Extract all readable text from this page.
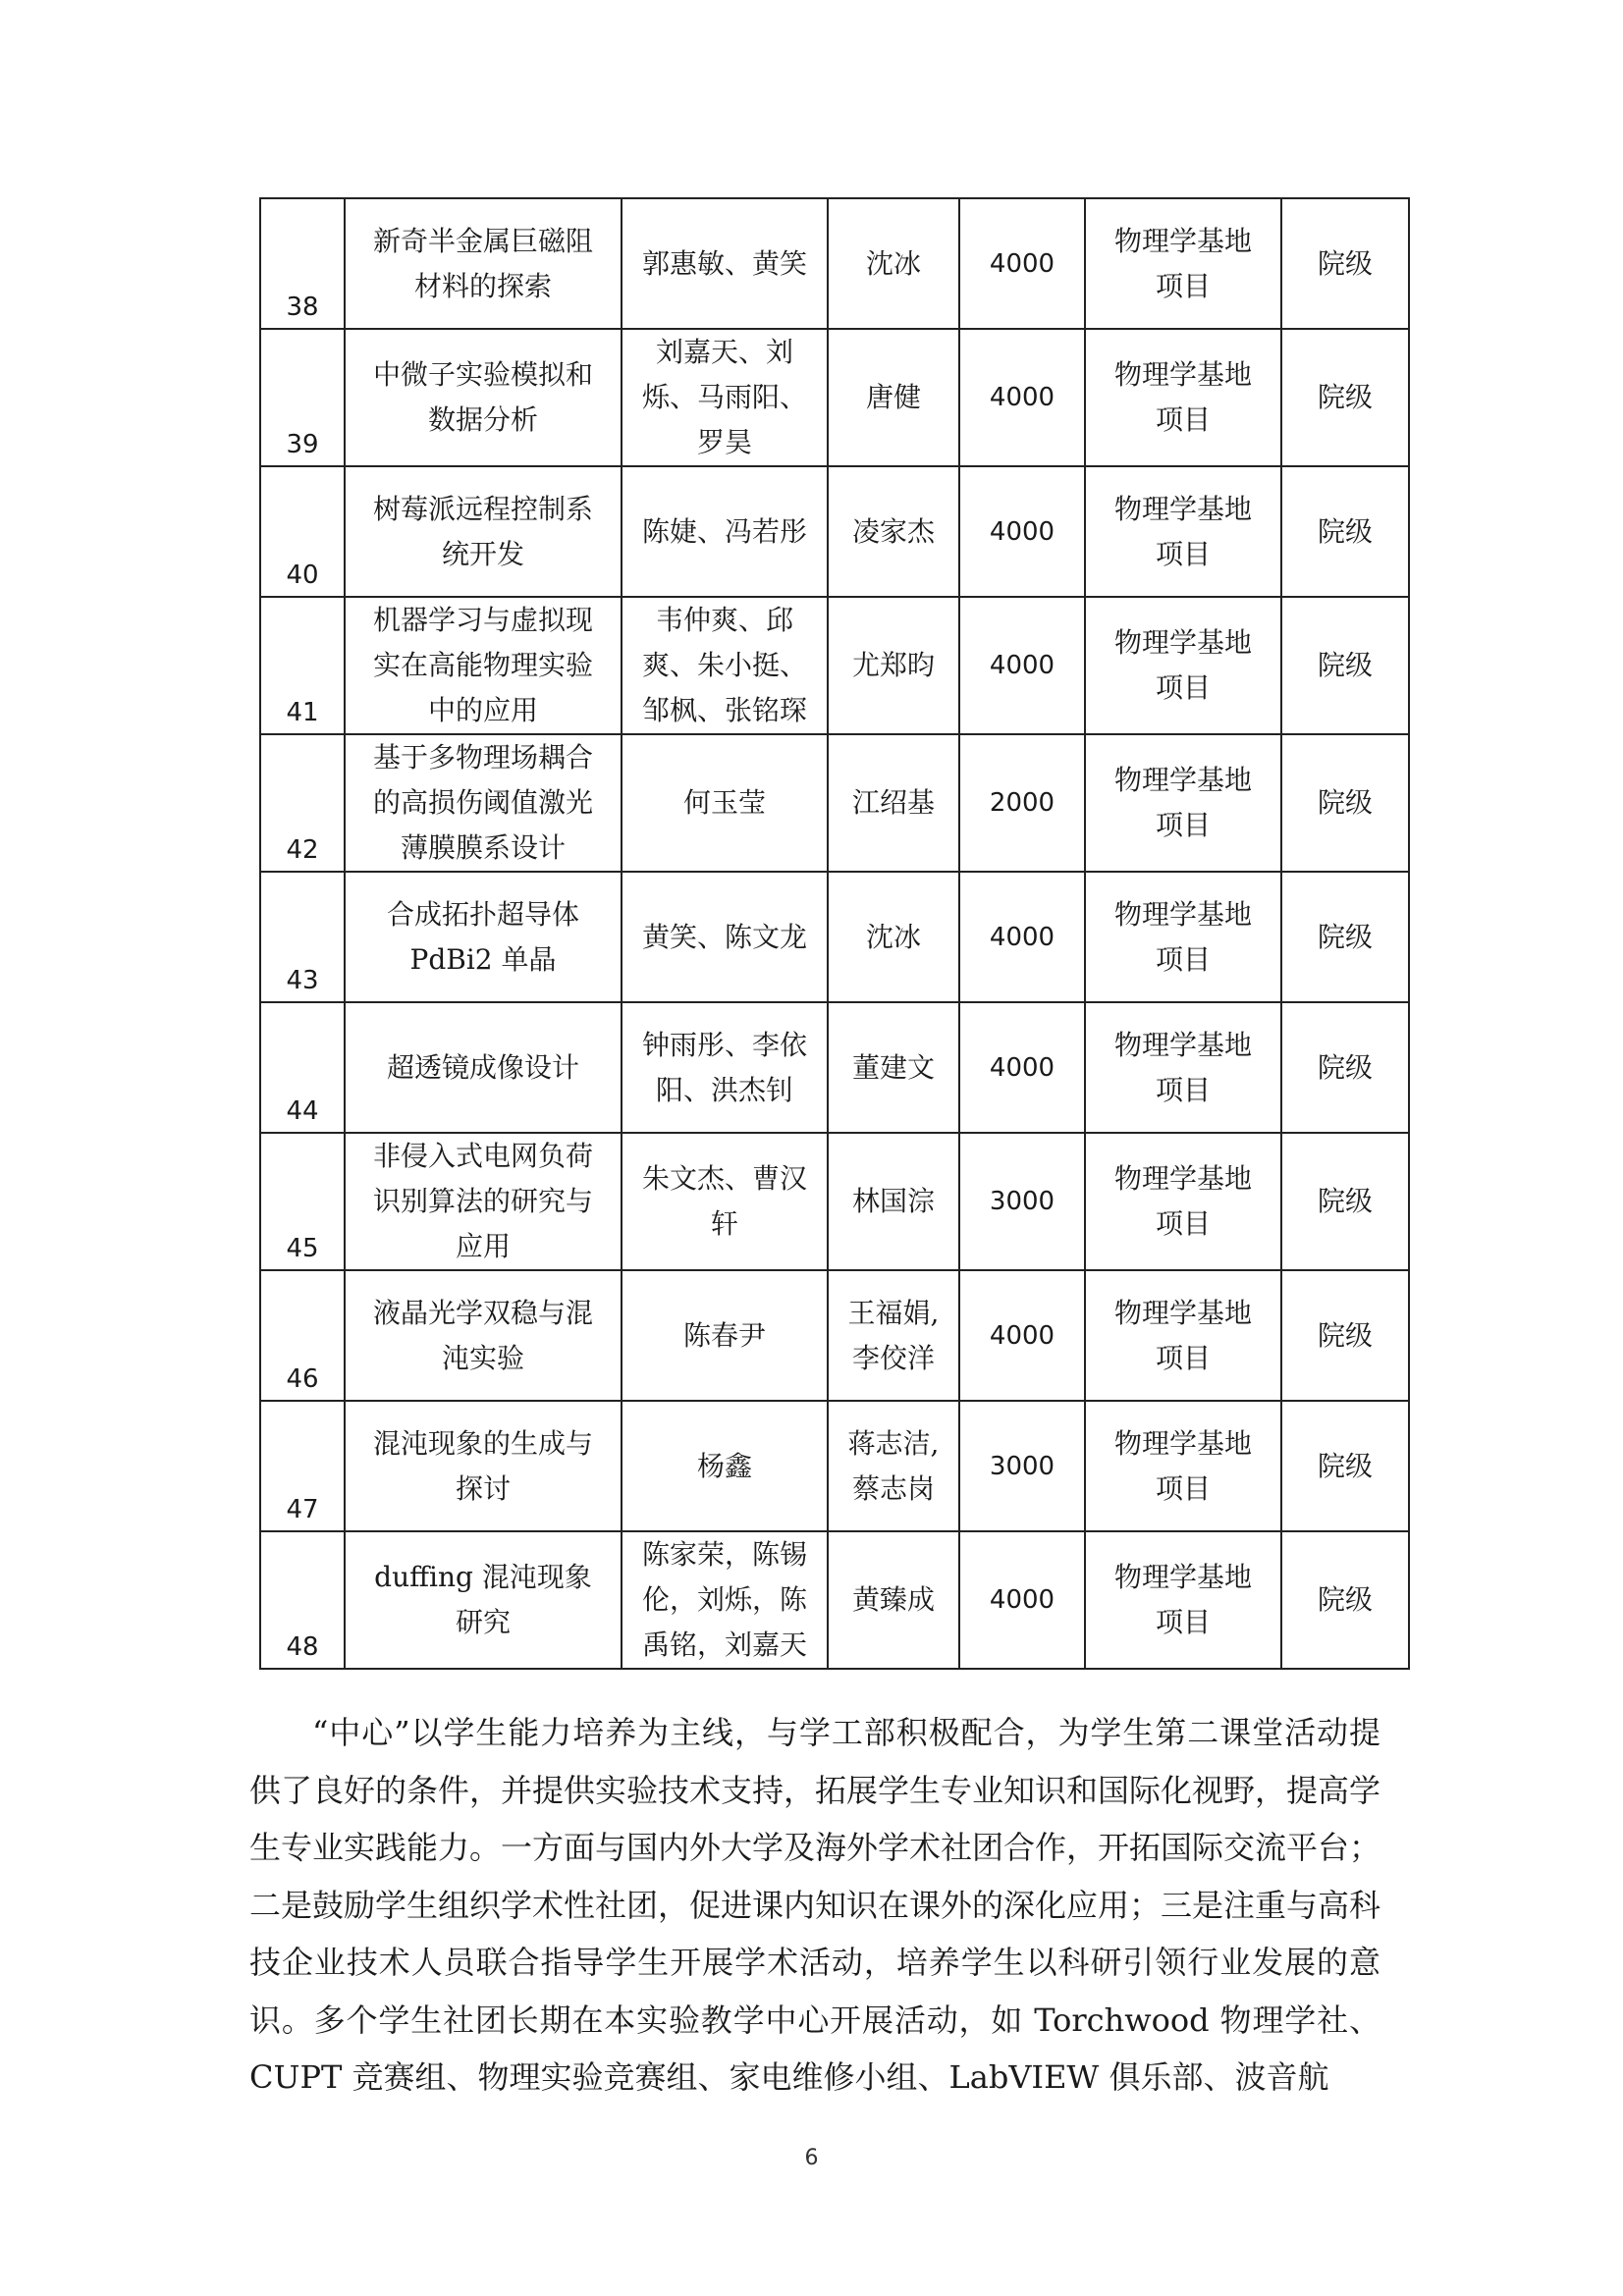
38	新奇半金属巨磁阻
材料的探索	郭惠敏、黄笑	沈冰	4000	物理学基地
项目	院级

39	中微子实验模拟和
数据分析	刘嘉天、刘
烁、马雨阳、
罗昊	唐健	4000	物理学基地
项目	院级

40	树莓派远程控制系
统开发	陈婕、冯若彤	凌家杰	4000	物理学基地
项目	院级

41	机器学习与虚拟现
实在高能物理实验
中的应用	韦仲爽、邱
爽、朱小挺、
邹枫、张铭琛	尤郑昀	4000	物理学基地
项目	院级

42	基于多物理场耦合
的高损伤阈值激光
薄膜膜系设计	何玉莹	江绍基	2000	物理学基地
项目	院级

43	合成拓扑超导体
PdBi2 单晶	黄笑、陈文龙	沈冰	4000	物理学基地
项目	院级

44	超透镜成像设计	钟雨彤、李依
阳、洪杰钊	董建文	4000	物理学基地
项目	院级

45	非侵入式电网负荷
识别算法的研究与
应用	朱文杰、曹汉
轩	林国淙	3000	物理学基地
项目	院级

46	液晶光学双稳与混
沌实验	陈春尹	王福娟,
李佼洋	4000	物理学基地
项目	院级

47	混沌现象的生成与
探讨	杨鑫	蒋志洁,
蔡志岗	3000	物理学基地
项目	院级

48	duffing 混沌现象
研究	陈家荣，陈锡
伦，刘烁，陈
禹铭，刘嘉天	黄臻成	4000	物理学基地
项目	院级

“中心”以学生能力培养为主线，与学工部积极配合，为学生第二课堂活动提供了良好的条件，并提供实验技术支持，拓展学生专业知识和国际化视野，提高学生专业实践能力。一方面与国内外大学及海外学术社团合作，开拓国际交流平台；二是鼓励学生组织学术性社团，促进课内知识在课外的深化应用；三是注重与高科技企业技术人员联合指导学生开展学术活动，培养学生以科研引领行业发展的意识。多个学生社团长期在本实验教学中心开展活动，如 Torchwood 物理学社、CUPT 竞赛组、物理实验竞赛组、家电维修小组、LabVIEW 俱乐部、波音航

6
